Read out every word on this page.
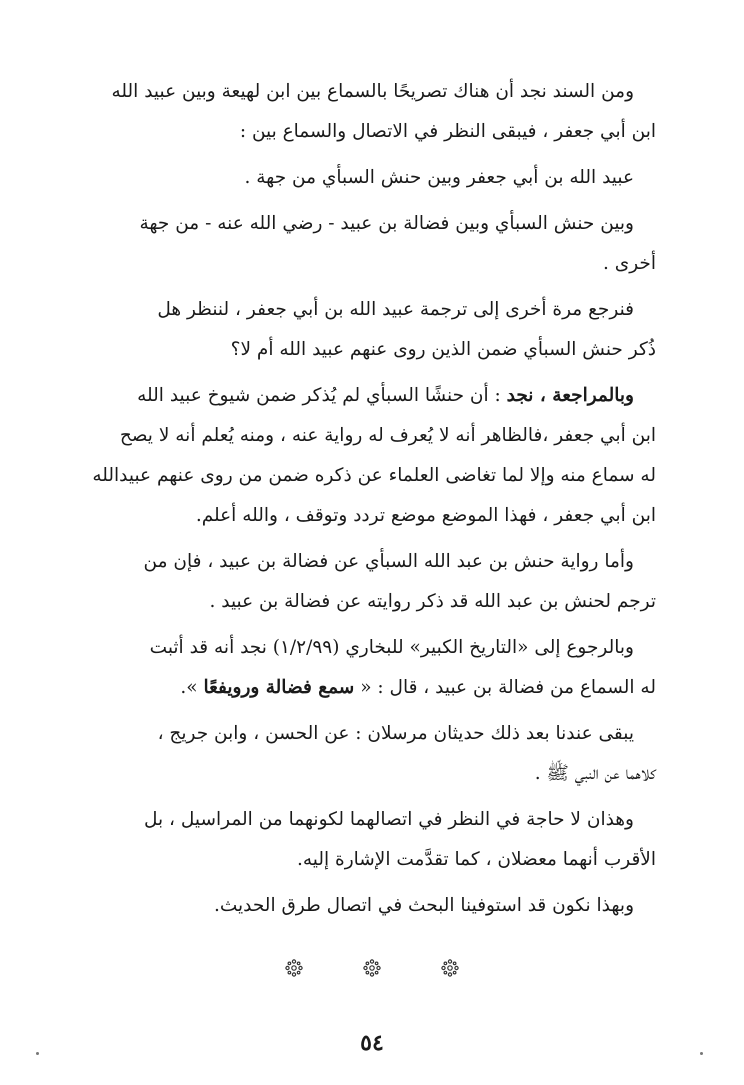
ومن السند نجد أن هناك تصريحًا بالسماع بين ابن لهيعة وبين عبيد الله
ابن أبي جعفر ، فيبقى النظر في الاتصال والسماع بين :

عبيد الله بن أبي جعفر وبين حنش السبأي من جهة .

وبين حنش السبأي وبين فضالة بن عبيد - رضي الله عنه - من جهة
أخرى .

فنرجع مرة أخرى إلى ترجمة عبيد الله بن أبي جعفر ، لننظر هل
ذُكر حنش السبأي ضمن الذين روى عنهم عبيد الله أم لا؟

وبالمراجعة ، نجد : أن حنشًا السبأي لم يُذكر ضمن شيوخ عبيد الله
ابن أبي جعفر ،فالظاهر أنه لا يُعرف له رواية عنه ، ومنه يُعلم أنه لا يصح
له سماع منه وإلا لما تغاضى العلماء عن ذكره ضمن من روى عنهم عبيدالله
ابن أبي جعفر ، فهذا الموضع موضع تردد وتوقف ، والله أعلم.

وأما رواية حنش بن عبد الله السبأي عن فضالة بن عبيد ، فإن من
ترجم لحنش بن عبد الله قد ذكر روايته عن فضالة بن عبيد .

وبالرجوع إلى «التاريخ الكبير» للبخاري (١/٢/٩٩) نجد أنه قد أثبت
له السماع من فضالة بن عبيد ، قال : « سمع فضالة ورويفعًا ».

يبقى عندنا بعد ذلك حديثان مرسلان : عن الحسن ، وابن جريج ،
كلاهما عن النبي ﷺ .

وهذان لا حاجة في النظر في اتصالهما لكونهما من المراسيل ، بل
الأقرب أنهما معضلان ، كما تقدَّمت الإشارة إليه.

وبهذا نكون قد استوفينا البحث في اتصال طرق الحديث.

٥٤
